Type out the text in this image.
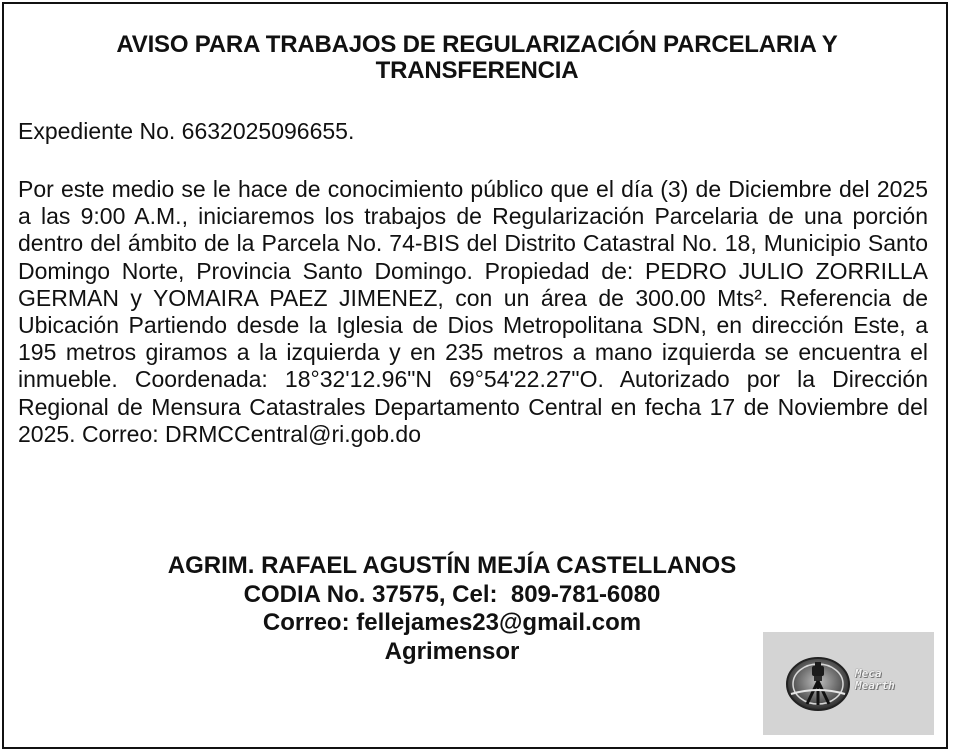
AVISO PARA TRABAJOS DE REGULARIZACIÓN PARCELARIA Y TRANSFERENCIA
Expediente No. 6632025096655.
Por este medio se le hace de conocimiento público que el día (3) de Diciembre del 2025 a las 9:00 A.M., iniciaremos los trabajos de Regularización Parcelaria de una porción dentro del ámbito de la Parcela No. 74-BIS del Distrito Catastral No. 18, Municipio Santo Domingo Norte, Provincia Santo Domingo. Propiedad de: PEDRO JULIO ZORRILLA GERMAN y YOMAIRA PAEZ JIMENEZ, con un área de 300.00 Mts². Referencia de Ubicación Partiendo desde la Iglesia de Dios Metropolitana SDN, en dirección Este, a 195 metros giramos a la izquierda y en 235 metros a mano izquierda se encuentra el inmueble. Coordenada: 18°32'12.96"N 69°54'22.27"O. Autorizado por la Dirección Regional de Mensura Catastrales Departamento Central en fecha 17 de Noviembre del 2025. Correo: DRMCCentral@ri.gob.do
AGRIM. RAFAEL AGUSTÍN MEJÍA CASTELLANOS
CODIA No. 37575, Cel:  809-781-6080
Correo: fellejames23@gmail.com
Agrimensor
Meca
Mearth
